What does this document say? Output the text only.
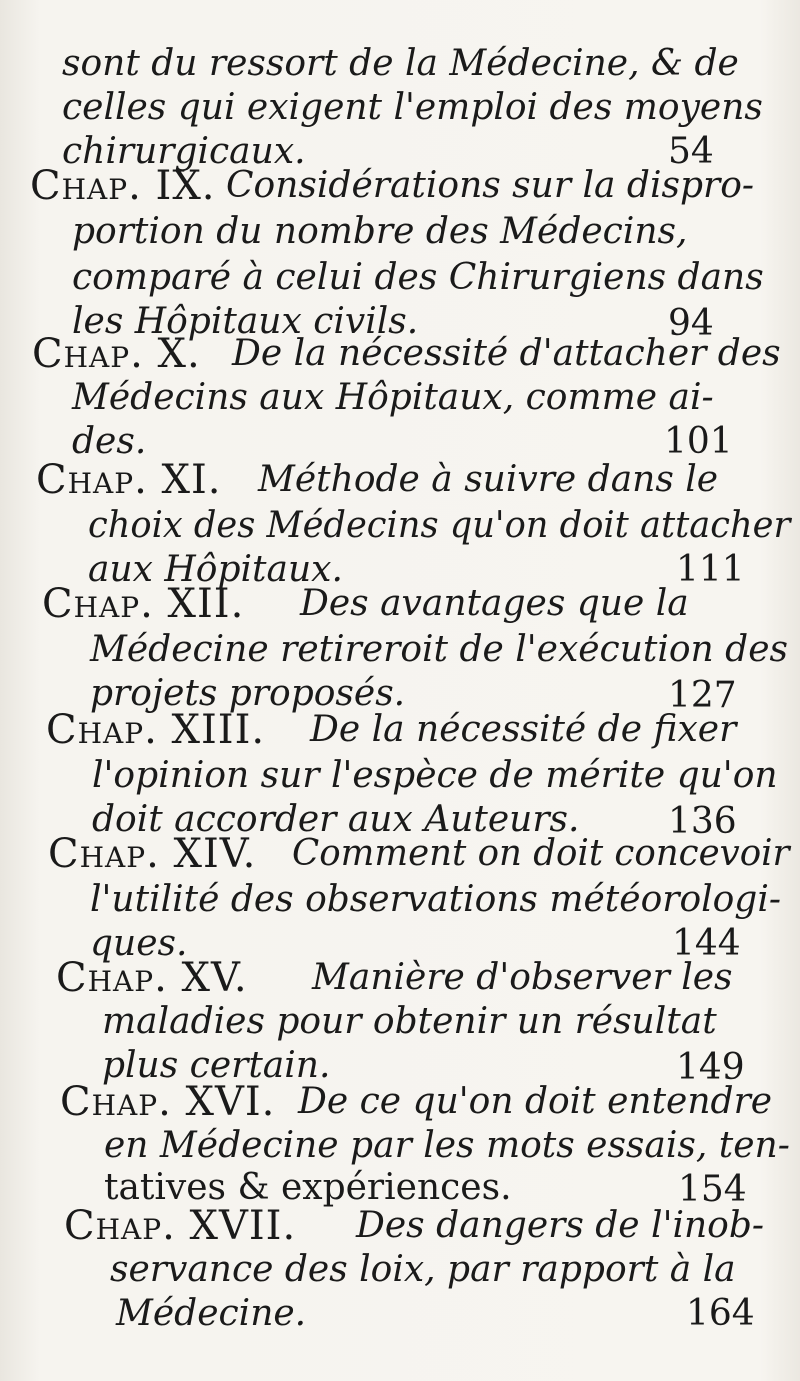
sont du ressort de la Médecine, & de
celles qui exigent l'emploi des moyens
chirurgicaux.	54
Chap. IX. Considérations sur la dispro-
portion du nombre des Médecins,
comparé à celui des Chirurgiens dans
les Hôpitaux civils.	94
Chap. X. De la nécessité d'attacher des
Médecins aux Hôpitaux, comme ai-
des.	101
Chap. XI. Méthode à suivre dans le
choix des Médecins qu'on doit attacher
aux Hôpitaux.	111
Chap. XII. Des avantages que la
Médecine retireroit de l'exécution des
projets proposés.	127
Chap. XIII. De la nécessité de fixer
l'opinion sur l'espèce de mérite qu'on
doit accorder aux Auteurs. 136
Chap. XIV. Comment on doit concevoir
l'utilité des observations météorologi-
ques.	144
Chap. XV. Manière d'observer les
maladies pour obtenir un résultat
plus certain.	149
Chap. XVI. De ce qu'on doit entendre
en Médecine par les mots essais, ten-
tatives & expériences.	154
Chap. XVII. Des dangers de l'inob-
servance des loix, par rapport à la
Médecine.	164
